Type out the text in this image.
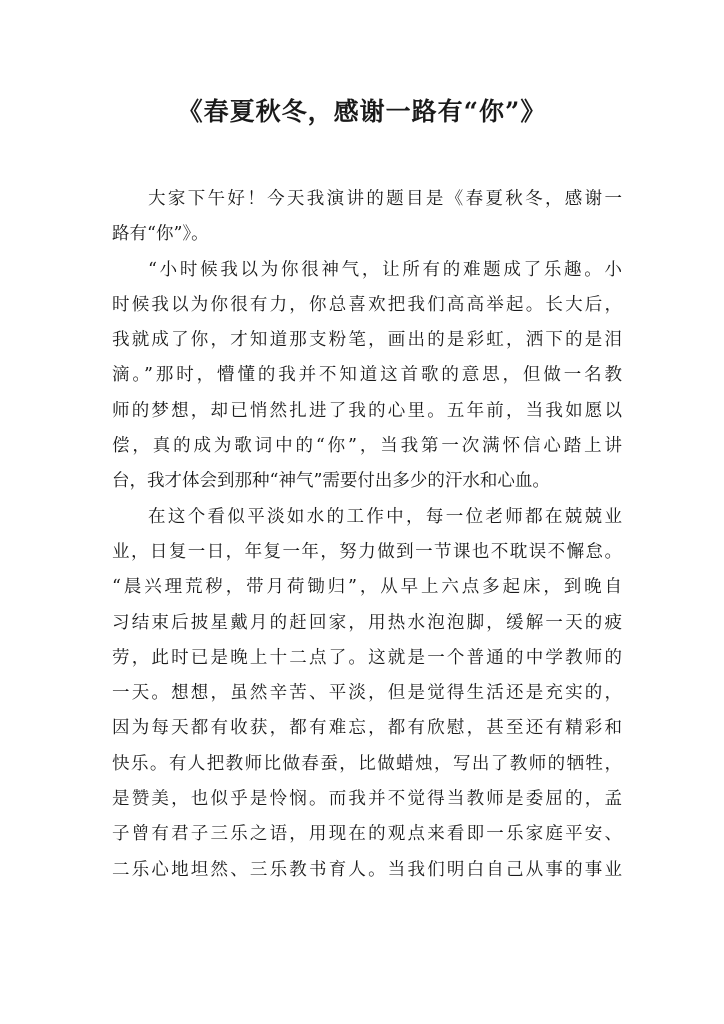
《春夏秋冬，感谢一路有“你”》
大家下午好！今天我演讲的题目是《春夏秋冬，感谢一
路有“你”》。
“小时候我以为你很神气，让所有的难题成了乐趣。小
时候我以为你很有力，你总喜欢把我们高高举起。长大后，
我就成了你，才知道那支粉笔，画出的是彩虹，洒下的是泪
滴。”那时，懵懂的我并不知道这首歌的意思，但做一名教
师的梦想，却已悄然扎进了我的心里。五年前，当我如愿以
偿，真的成为歌词中的“你”，当我第一次满怀信心踏上讲
台，我才体会到那种“神气”需要付出多少的汗水和心血。
在这个看似平淡如水的工作中，每一位老师都在兢兢业
业，日复一日，年复一年，努力做到一节课也不耽误不懈怠。
“晨兴理荒秽，带月荷锄归”，从早上六点多起床，到晚自
习结束后披星戴月的赶回家，用热水泡泡脚，缓解一天的疲
劳，此时已是晚上十二点了。这就是一个普通的中学教师的
一天。想想，虽然辛苦、平淡，但是觉得生活还是充实的，
因为每天都有收获，都有难忘，都有欣慰，甚至还有精彩和
快乐。有人把教师比做春蚕，比做蜡烛，写出了教师的牺牲，
是赞美，也似乎是怜悯。而我并不觉得当教师是委屈的，孟
子曾有君子三乐之语，用现在的观点来看即一乐家庭平安、
二乐心地坦然、三乐教书育人。当我们明白自己从事的事业
